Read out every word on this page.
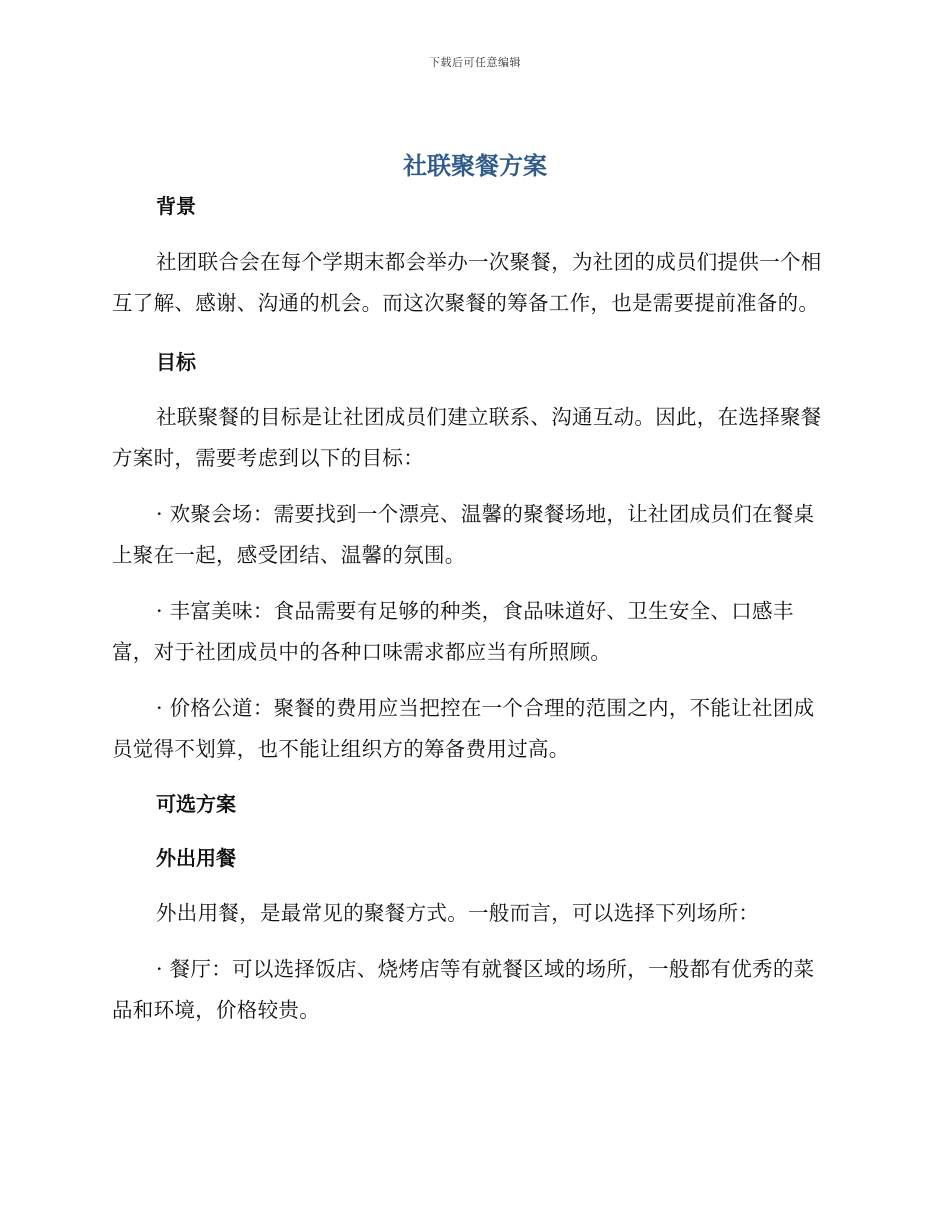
下载后可任意编辑
社联聚餐方案
背景

社团联合会在每个学期末都会举办一次聚餐，为社团的成员们提供一个相互了解、感谢、沟通的机会。而这次聚餐的筹备工作，也是需要提前准备的。

目标

社联聚餐的目标是让社团成员们建立联系、沟通互动。因此，在选择聚餐方案时，需要考虑到以下的目标：

· 欢聚会场：需要找到一个漂亮、温馨的聚餐场地，让社团成员们在餐桌上聚在一起，感受团结、温馨的氛围。

· 丰富美味：食品需要有足够的种类，食品味道好、卫生安全、口感丰富，对于社团成员中的各种口味需求都应当有所照顾。

· 价格公道：聚餐的费用应当把控在一个合理的范围之内，不能让社团成员觉得不划算，也不能让组织方的筹备费用过高。

可选方案
外出用餐

外出用餐，是最常见的聚餐方式。一般而言，可以选择下列场所：

· 餐厅：可以选择饭店、烧烤店等有就餐区域的场所，一般都有优秀的菜品和环境，价格较贵。
